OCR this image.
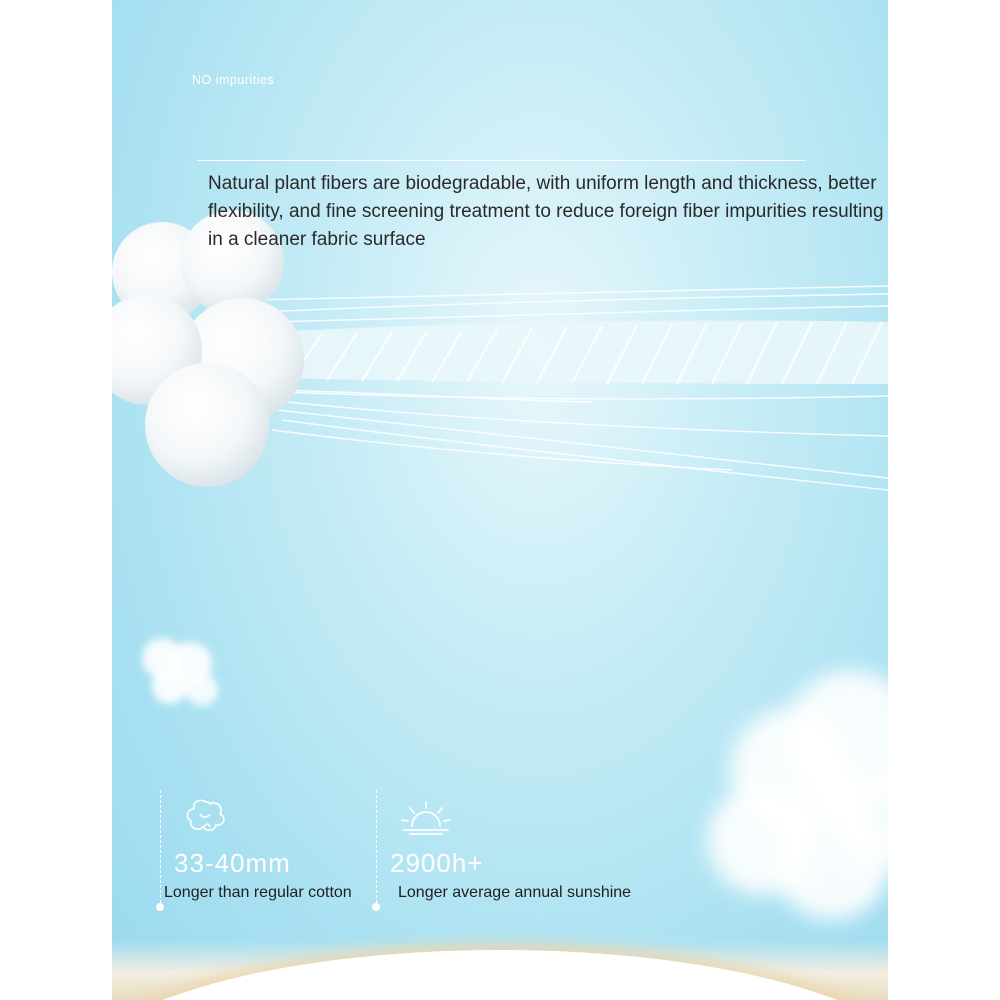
NO impurities

Natural plant fibers are biodegradable, with uniform length and thickness, better flexibility, and fine screening treatment to reduce foreign fiber impurities resulting in a cleaner fabric surface

33-40mm
Longer than regular cotton
2900h+
Longer average annual sunshine
